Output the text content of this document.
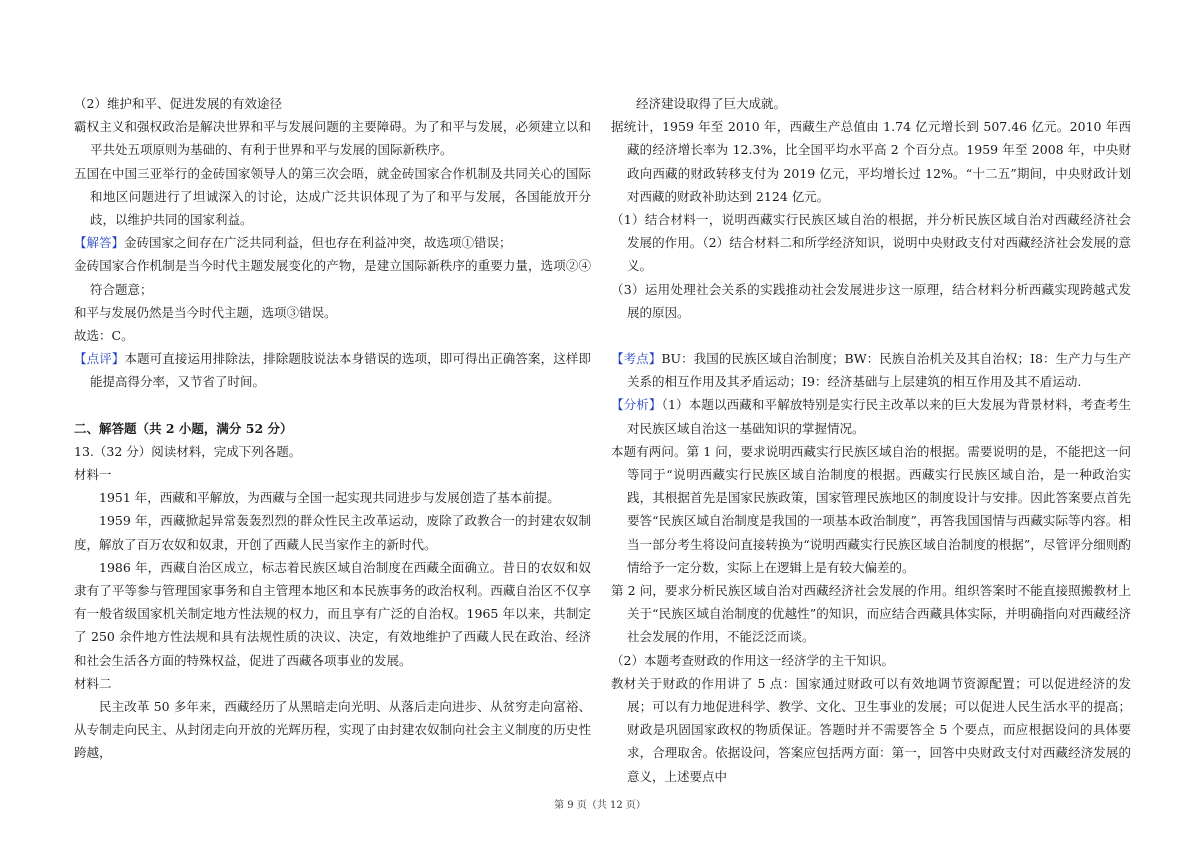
（2）维护和平、促进发展的有效途径

霸权主义和强权政治是解决世界和平与发展问题的主要障碍。为了和平与发展，必须建立以和平共处五项原则为基础的、有利于世界和平与发展的国际新秩序。

五国在中国三亚举行的金砖国家领导人的第三次会晤，就金砖国家合作机制及共同关心的国际和地区问题进行了坦诚深入的讨论，达成广泛共识体现了为了和平与发展，各国能放开分歧，以维护共同的国家利益。

【解答】金砖国家之间存在广泛共同利益，但也存在利益冲突，故选项①错误；

金砖国家合作机制是当今时代主题发展变化的产物，是建立国际新秩序的重要力量，选项②④符合题意；

和平与发展仍然是当今时代主题，选项③错误。

故选：C。

【点评】本题可直接运用排除法，排除题肢说法本身错误的选项，即可得出正确答案，这样即能提高得分率，又节省了时间。

二、解答题（共 2 小题，满分 52 分）

13.（32 分）阅读材料，完成下列各题。

材料一

1951 年，西藏和平解放，为西藏与全国一起实现共同进步与发展创造了基本前提。

1959 年，西藏掀起异常轰轰烈烈的群众性民主改革运动，废除了政教合一的封建农奴制度，解放了百万农奴和奴隶，开创了西藏人民当家作主的新时代。

1986 年，西藏自治区成立，标志着民族区域自治制度在西藏全面确立。昔日的农奴和奴隶有了平等参与管理国家事务和自主管理本地区和本民族事务的政治权利。西藏自治区不仅享有一般省级国家机关制定地方性法规的权力，而且享有广泛的自治权。1965 年以来，共制定了 250 余件地方性法规和具有法规性质的决议、决定，有效地维护了西藏人民在政治、经济和社会生活各方面的特殊权益，促进了西藏各项事业的发展。

材料二

民主改革 50 多年来，西藏经历了从黑暗走向光明、从落后走向进步、从贫穷走向富裕、从专制走向民主、从封闭走向开放的光辉历程，实现了由封建农奴制向社会主义制度的历史性跨越，

经济建设取得了巨大成就。

据统计，1959 年至 2010 年，西藏生产总值由 1.74 亿元增长到 507.46 亿元。2010 年西藏的经济增长率为 12.3%，比全国平均水平高 2 个百分点。1959 年至 2008 年，中央财政向西藏的财政转移支付为 2019 亿元，平均增长过 12%。“十二五”期间，中央财政计划对西藏的财政补助达到 2124 亿元。

（1）结合材料一，说明西藏实行民族区域自治的根据，并分析民族区域自治对西藏经济社会发展的作用。（2）结合材料二和所学经济知识，说明中央财政支付对西藏经济社会发展的意义。

（3）运用处理社会关系的实践推动社会发展进步这一原理，结合材料分析西藏实现跨越式发展的原因。

【考点】BU：我国的民族区域自治制度；BW：民族自治机关及其自治权；I8：生产力与生产关系的相互作用及其矛盾运动；I9：经济基础与上层建筑的相互作用及其不盾运动.

【分析】（1）本题以西藏和平解放特别是实行民主改革以来的巨大发展为背景材料，考查考生对民族区域自治这一基础知识的掌握情况。

本题有两问。第 1 问，要求说明西藏实行民族区域自治的根据。需要说明的是，不能把这一问等同于“说明西藏实行民族区域自治制度的根据。西藏实行民族区域自治，是一种政治实践，其根据首先是国家民族政策，国家管理民族地区的制度设计与安排。因此答案要点首先要答“民族区域自治制度是我国的一项基本政治制度”，再答我国国情与西藏实际等内容。相当一部分考生将设问直接转换为“说明西藏实行民族区域自治制度的根据”，尽管评分细则酌情给予一定分数，实际上在逻辑上是有较大偏差的。

第 2 问，要求分析民族区域自治对西藏经济社会发展的作用。组织答案时不能直接照搬教材上关于“民族区域自治制度的优越性”的知识，而应结合西藏具体实际，并明确指向对西藏经济社会发展的作用，不能泛泛而谈。

（2）本题考查财政的作用这一经济学的主干知识。

教材关于财政的作用讲了 5 点：国家通过财政可以有效地调节资源配置；可以促进经济的发展；可以有力地促进科学、教学、文化、卫生事业的发展；可以促进人民生活水平的提高；财政是巩固国家政权的物质保证。答题时并不需要答全 5 个要点，而应根据设问的具体要求，合理取舍。依据设问，答案应包括两方面：第一，回答中央财政支付对西藏经济发展的意义，上述要点中

第 9 页（共 12 页）
